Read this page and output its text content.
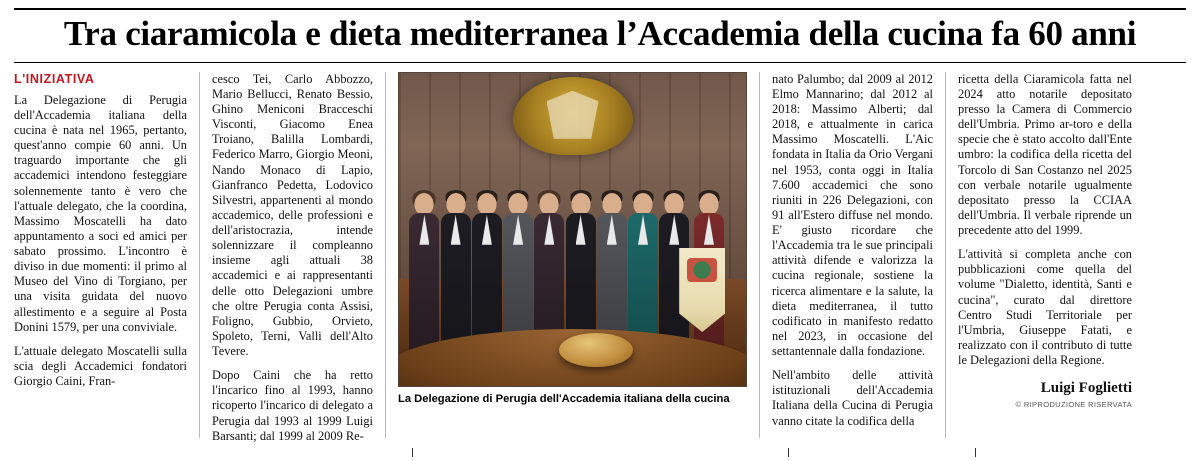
Tra ciaramicola e dieta mediterranea l’Accademia della cucina fa 60 anni
L'INIZIATIVA

La Delegazione di Perugia dell'Accademia italiana della cucina è nata nel 1965, pertanto, quest'anno compie 60 anni. Un traguardo importante che gli accademici intendono festeggiare solennemente tanto è vero che l'attuale delegato, che la coordina, Massimo Moscatelli ha dato appuntamento a soci ed amici per sabato prossimo. L'incontro è diviso in due momenti: il primo al Museo del Vino di Torgiano, per una visita guidata del nuovo allestimento e a seguire al Posta Donini 1579, per una conviviale.

L'attuale delegato Moscatelli sulla scia degli Accademici fondatori Giorgio Caini, Fran-

cesco Tei, Carlo Abbozzo, Mario Bellucci, Renato Bessio, Ghino Meniconi Bracceschi Visconti, Giacomo Enea Troiano, Balilla Lombardi, Federico Marro, Giorgio Meoni, Nando Monaco di Lapio, Gianfranco Pedetta, Lodovico Silvestri, appartenenti al mondo accademico, delle professioni e dell'aristocrazia, intende solennizzare il compleanno insieme agli attuali 38 accademici e ai rappresentanti delle otto Delegazioni umbre che oltre Perugia conta Assisi, Foligno, Gubbio, Orvieto, Spoleto, Terni, Valli dell'Alto Tevere.

Dopo Caini che ha retto l'incarico fino al 1993, hanno ricoperto l'incarico di delegato a Perugia dal 1993 al 1999 Luigi Barsanti; dal 1999 al 2009 Re-

La Delegazione di Perugia dell'Accademia italiana della cucina

nato Palumbo; dal 2009 al 2012 Elmo Mannarino; dal 2012 al 2018: Massimo Alberti; dal 2018, e attualmente in carica Massimo Moscatelli. L'Aic fondata in Italia da Orio Vergani nel 1953, conta oggi in Italia 7.600 accademici che sono riuniti in 226 Delegazioni, con 91 all'Estero diffuse nel mondo. E' giusto ricordare che l'Accademia tra le sue principali attività difende e valorizza la cucina regionale, sostiene la ricerca alimentare e la salute, la dieta mediterranea, il tutto codificato in manifesto redatto nel 2023, in occasione del settantennale dalla fondazione.

Nell'ambito delle attività istituzionali dell'Accademia Italiana della Cucina di Perugia vanno citate la codifica della

ricetta della Ciaramicola fatta nel 2024 atto notarile depositato presso la Camera di Commercio dell'Umbria. Primo ar-toro e della specie che è stato accolto dall'Ente umbro: la codifica della ricetta del Torcolo di San Costanzo nel 2025 con verbale notarile ugualmente depositato presso la CCIAA dell'Umbria. Il verbale riprende un precedente atto del 1999.

L'attività si completa anche con pubblicazioni come quella del volume "Dialetto, identità, Santi e cucina", curato dal direttore Centro Studi Territoriale per l'Umbria, Giuseppe Fatati, e realizzato con il contributo di tutte le Delegazioni della Regione.

Luigi Foglietti
© RIPRODUZIONE RISERVATA
